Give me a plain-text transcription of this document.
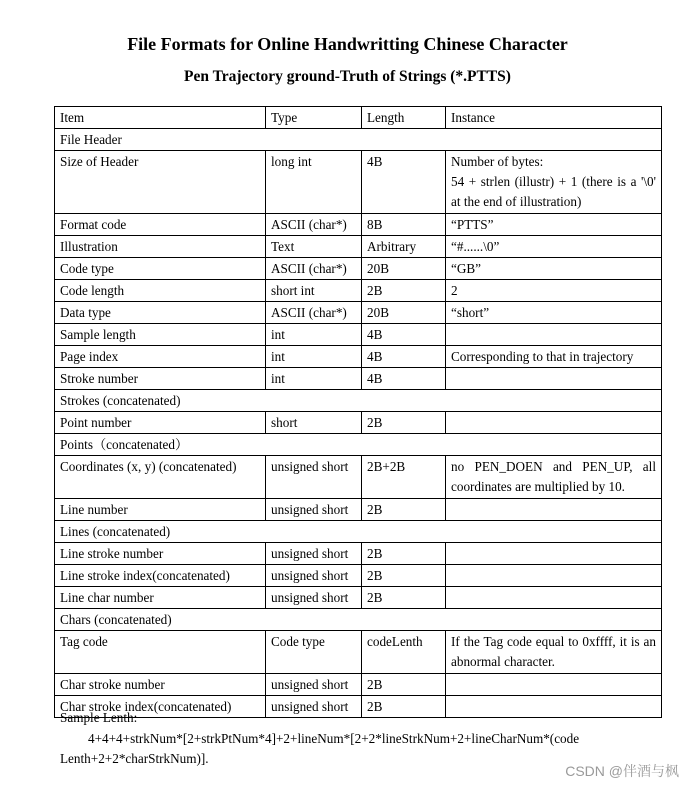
File Formats for Online Handwritting Chinese Character
Pen Trajectory ground-Truth of Strings (*.PTTS)
Item	Type	Length	Instance
File Header			
Size of Header	long int	4B	Number of bytes:
54 + strlen (illustr) + 1 (there is a '\0' at the end of illustration)

Format code	ASCII (char*)	8B	“PTTS”
Illustration	Text	Arbitrary	“#......\0”
Code type	ASCII (char*)	20B	“GB”
Code length	short int	2B	2
Data type	ASCII (char*)	20B	“short”
Sample length	int	4B	
Page index	int	4B	Corresponding to that in trajectory
Stroke number	int	4B	
Strokes (concatenated)			
Point number	short	2B	
Points（concatenated）			
Coordinates (x, y) (concatenated)	unsigned short	2B+2B	no PEN_DOEN and PEN_UP, all coordinates are multiplied by 10.
Line number	unsigned short	2B	
Lines (concatenated)			
Line stroke number	unsigned short	2B	
Line stroke index(concatenated)	unsigned short	2B	
Line char number	unsigned short	2B	
Chars (concatenated)			
Tag code	Code type	codeLenth	If the Tag code equal to 0xffff, it is an abnormal character.
Char stroke number	unsigned short	2B	
Char stroke index(concatenated)	unsigned short	2B	
Sample Lenth:
4+4+4+strkNum*[2+strkPtNum*4]+2+lineNum*[2+2*lineStrkNum+2+lineCharNum*(code Lenth+2+2*charStrkNum)].
CSDN @伴酒与枫
